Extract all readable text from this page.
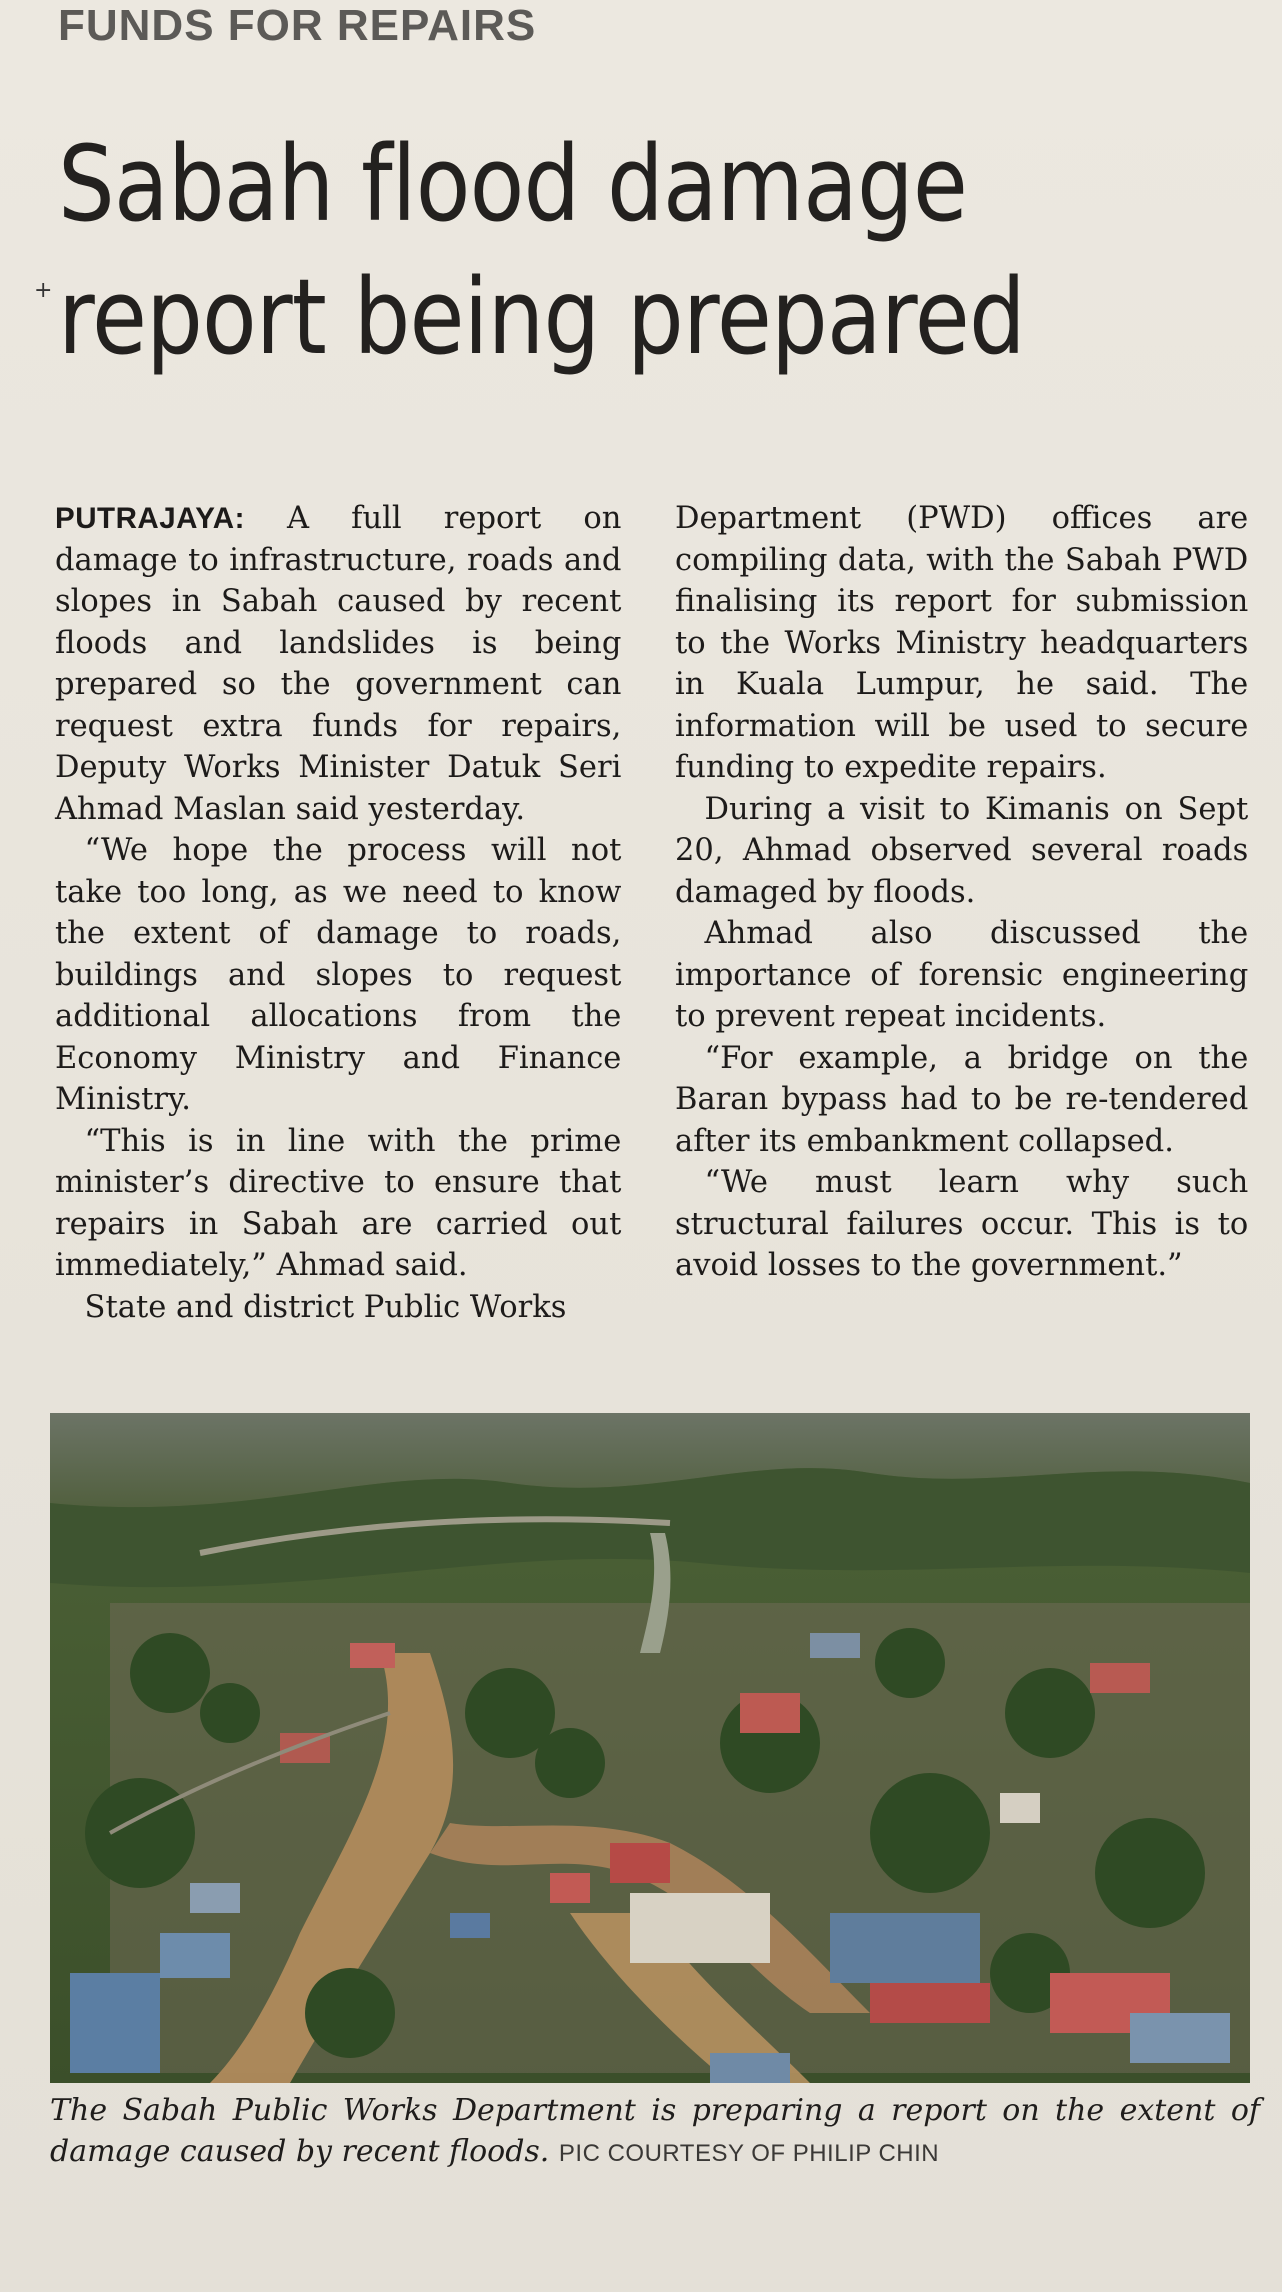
FUNDS FOR REPAIRS
Sabah flood damage
report being prepared
+

PUTRAJAYA: A full report on damage to infrastructure, roads and slopes in Sabah caused by recent floods and landslides is being prepared so the government can request extra funds for repairs, Deputy Works Minister Datuk Seri Ahmad Maslan said yesterday.

“We hope the process will not take too long, as we need to know the extent of damage to roads, buildings and slopes to request additional allocations from the Economy Ministry and Finance Ministry.

“This is in line with the prime minister’s directive to ensure that repairs in Sabah are carried out immediately,” Ahmad said.

State and district Public Works

Department (PWD) offices are compiling data, with the Sabah PWD finalising its report for submission to the Works Ministry headquarters in Kuala Lumpur, he said. The information will be used to secure funding to expedite repairs.

During a visit to Kimanis on Sept 20, Ahmad observed several roads damaged by floods.

Ahmad also discussed the importance of forensic engineering to prevent repeat incidents.

“For example, a bridge on the Baran bypass had to be re-tendered after its embankment collapsed.

“We must learn why such structural failures occur. This is to avoid losses to the government.”

The Sabah Public Works Department is preparing a report on the extent of damage caused by recent floods. PIC COURTESY OF PHILIP CHIN
